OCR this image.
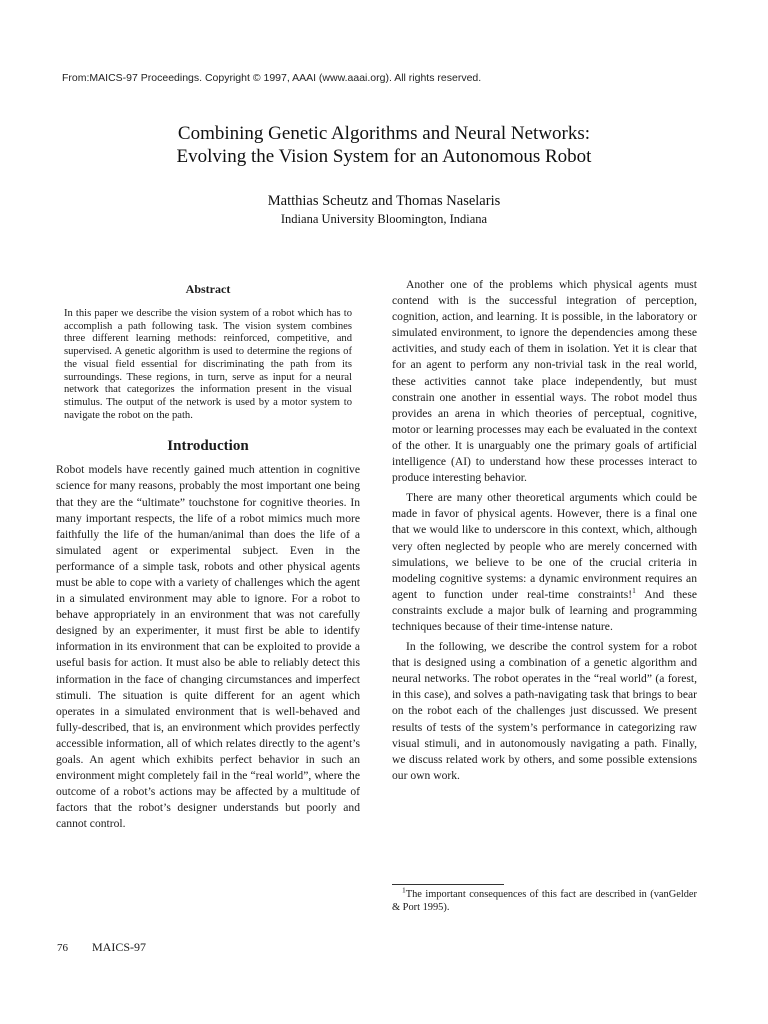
From:MAICS-97 Proceedings. Copyright © 1997, AAAI (www.aaai.org). All rights reserved.
Combining Genetic Algorithms and Neural Networks:
Evolving the Vision System for an Autonomous Robot
Matthias Scheutz and Thomas Naselaris
Indiana University Bloomington, Indiana
Abstract

In this paper we describe the vision system of a robot which has to accomplish a path following task. The vision system combines three different learning methods: reinforced, competitive, and supervised. A genetic algorithm is used to determine the regions of the visual field essential for discriminating the path from its surroundings. These regions, in turn, serve as input for a neural network that categorizes the information present in the visual stimulus. The output of the network is used by a motor system to navigate the robot on the path.

Introduction

Robot models have recently gained much attention in cognitive science for many reasons, probably the most important one being that they are the “ultimate” touchstone for cognitive theories. In many important respects, the life of a robot mimics much more faithfully the life of the human/animal than does the life of a simulated agent or experimental subject. Even in the performance of a simple task, robots and other physical agents must be able to cope with a variety of challenges which the agent in a simulated environment may able to ignore. For a robot to behave appropriately in an environment that was not carefully designed by an experimenter, it must first be able to identify information in its environment that can be exploited to provide a useful basis for action. It must also be able to reliably detect this information in the face of changing circumstances and imperfect stimuli. The situation is quite different for an agent which operates in a simulated environment that is well-behaved and fully-described, that is, an environment which provides perfectly accessible information, all of which relates directly to the agent’s goals. An agent which exhibits perfect behavior in such an environment might completely fail in the “real world”, where the outcome of a robot’s actions may be affected by a multitude of factors that the robot’s designer understands but poorly and cannot control.

Another one of the problems which physical agents must contend with is the successful integration of perception, cognition, action, and learning. It is possible, in the laboratory or simulated environment, to ignore the dependencies among these activities, and study each of them in isolation. Yet it is clear that for an agent to perform any non-trivial task in the real world, these activities cannot take place independently, but must constrain one another in essential ways. The robot model thus provides an arena in which theories of perceptual, cognitive, motor or learning processes may each be evaluated in the context of the other. It is unarguably one the primary goals of artificial intelligence (AI) to understand how these processes interact to produce interesting behavior.

There are many other theoretical arguments which could be made in favor of physical agents. However, there is a final one that we would like to underscore in this context, which, although very often neglected by people who are merely concerned with simulations, we believe to be one of the crucial criteria in modeling cognitive systems: a dynamic environment requires an agent to function under real-time constraints!$^1$ And these constraints exclude a major bulk of learning and programming techniques because of their time-intense nature.

In the following, we describe the control system for a robot that is designed using a combination of a genetic algorithm and neural networks. The robot operates in the “real world” (a forest, in this case), and solves a path-navigating task that brings to bear on the robot each of the challenges just discussed. We present results of tests of the system’s performance in categorizing raw visual stimuli, and in autonomously navigating a path. Finally, we discuss related work by others, and some possible extensions our own work.

$^1$The important consequences of this fact are described in (vanGelder & Port 1995).
76 MAICS-97
